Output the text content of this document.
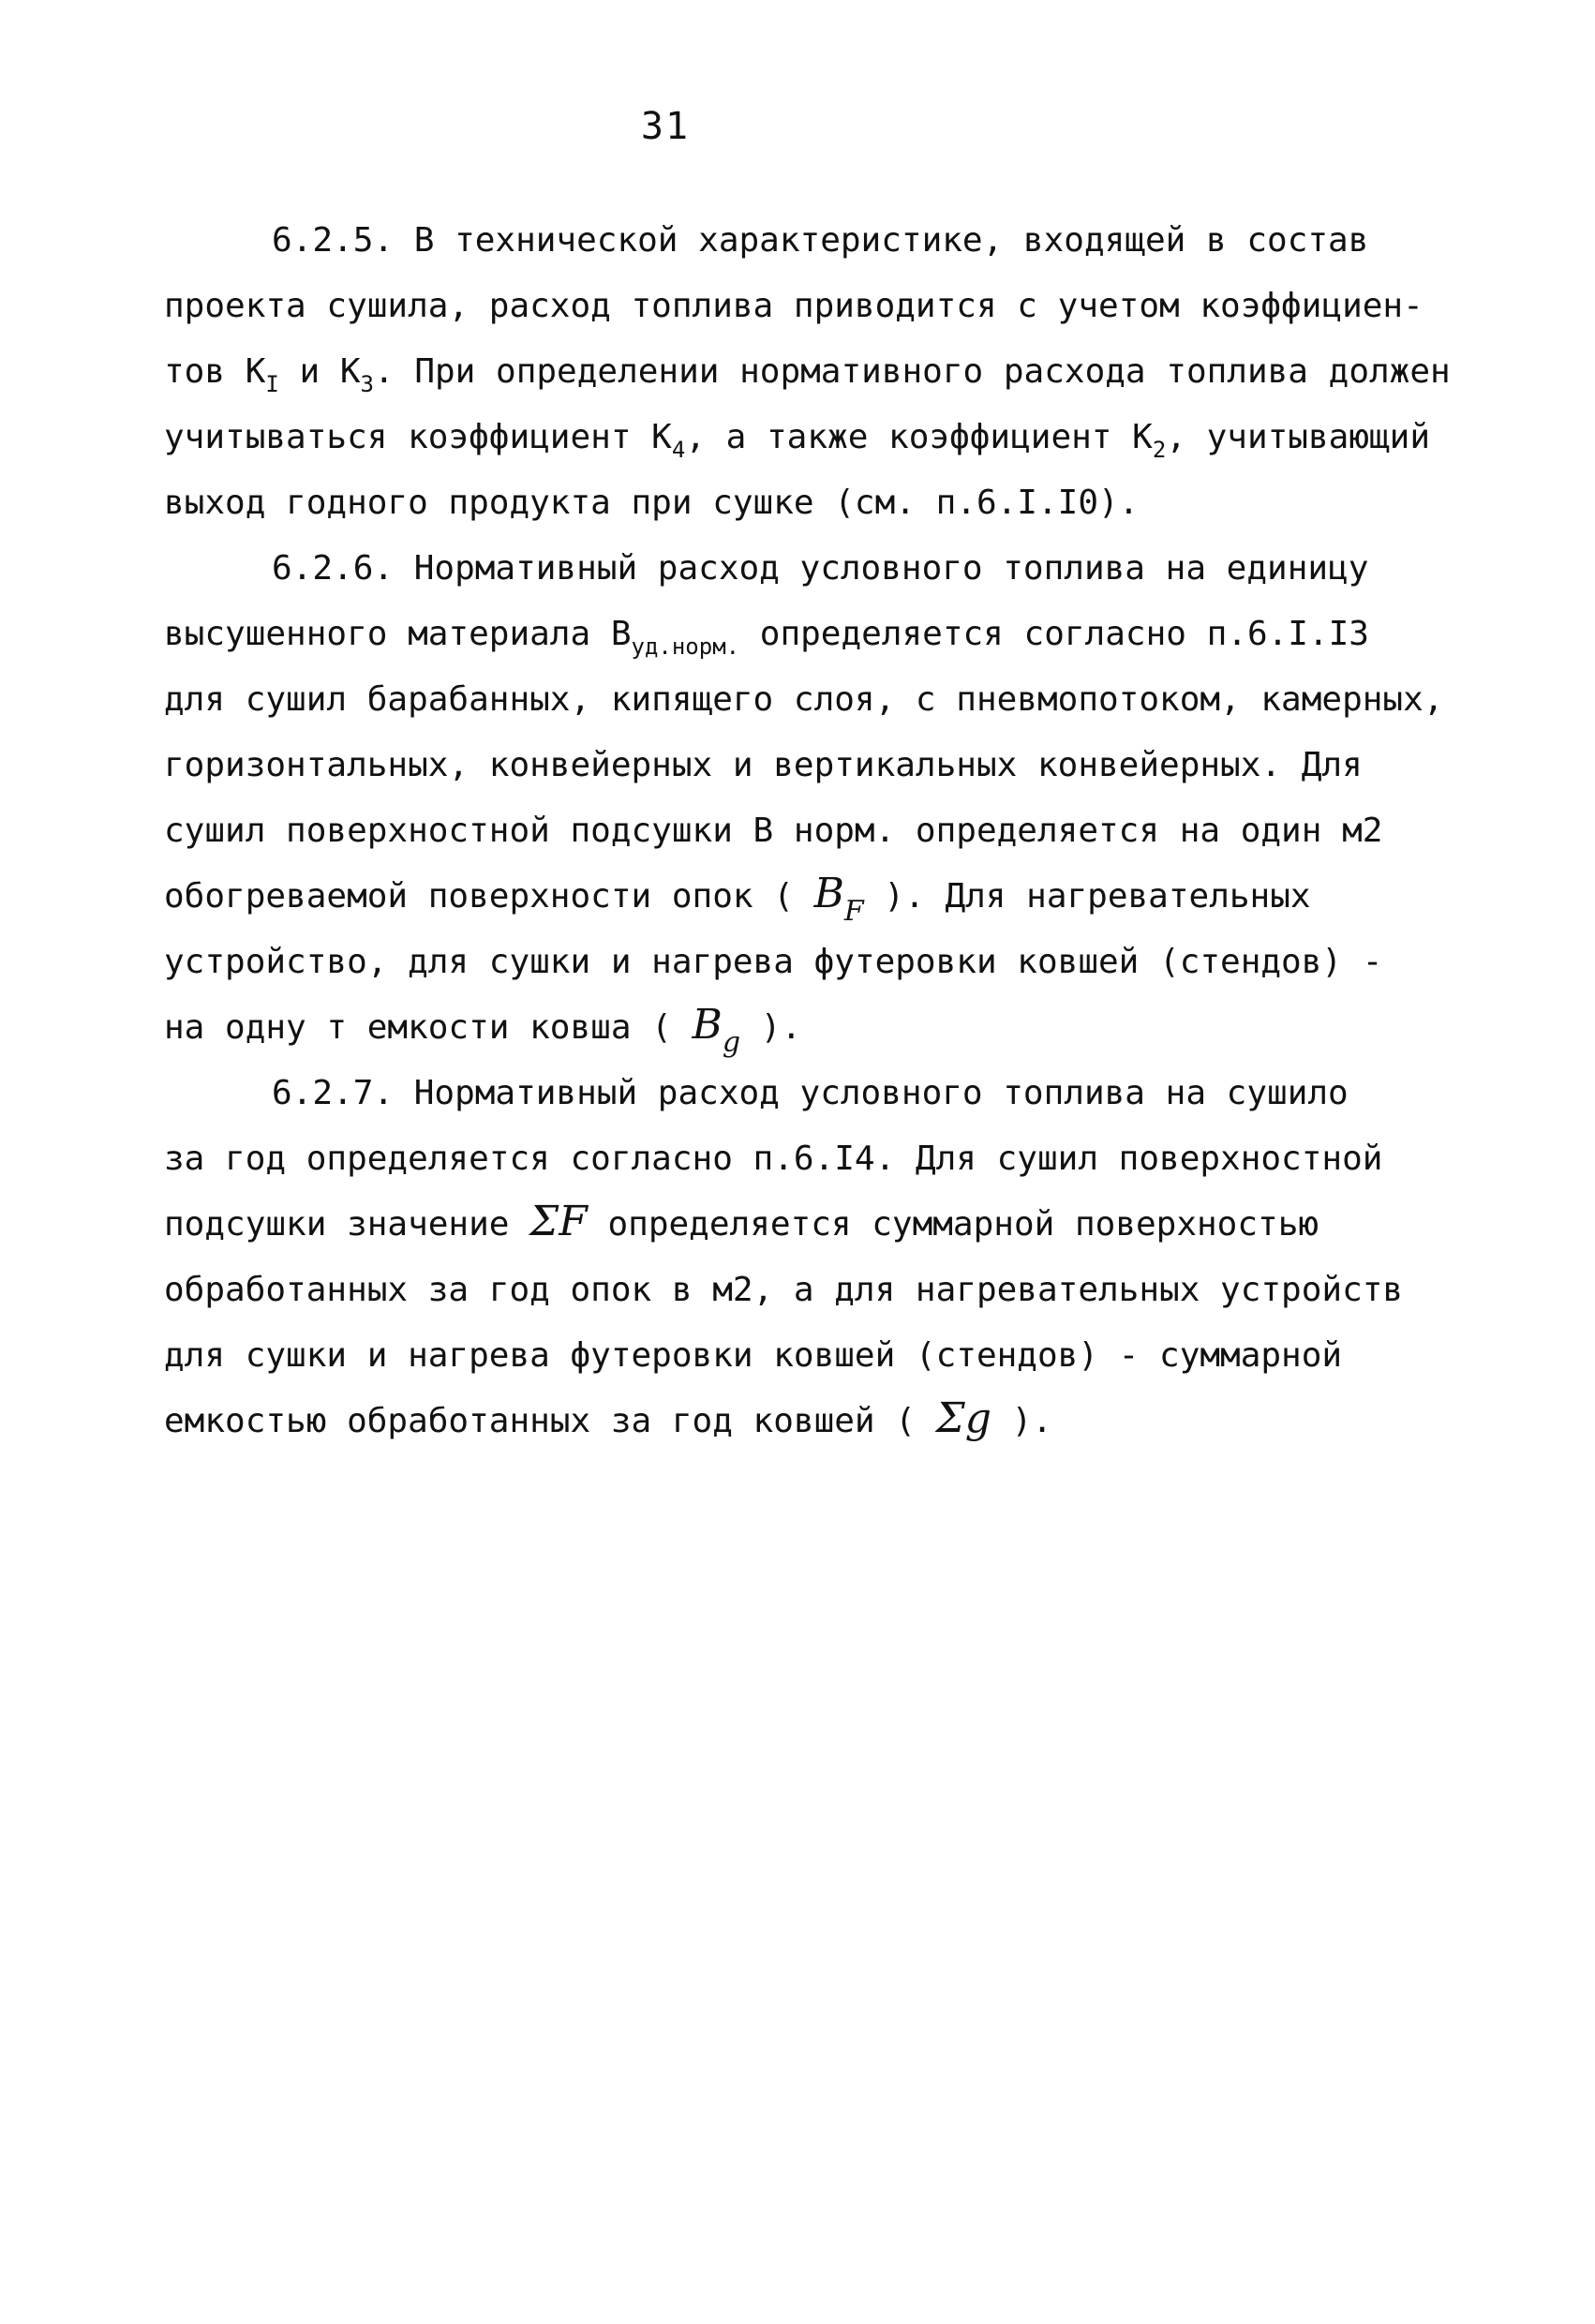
31
6.2.5. В технической характеристике, входящей в состав
проекта сушила, расход топлива приводится с учетом коэффициен-
тов $K_I$ и $K_3$. При определении нормативного расхода топлива должен
учитываться коэффициент $K_4$, а также коэффициент $K_2$, учитывающий
выход годного продукта при сушке (см. п.6.I.I0).
6.2.6. Нормативный расход условного топлива на единицу
высушенного материала $B_{уд.норм.}$ определяется согласно п.6.I.I3
для сушил барабанных, кипящего слоя, с пневмопотоком, камерных,
горизонтальных, конвейерных и вертикальных конвейерных. Для
сушил поверхностной подсушки B норм. определяется на один м2
обогреваемой поверхности опок ( $B_F$ ). Для нагревательных
устройство, для сушки и нагрева футеровки ковшей (стендов) -
на одну т емкости ковша ( $B_g$ ).
6.2.7. Нормативный расход условного топлива на сушило
за год определяется согласно п.6.I4. Для сушил поверхностной
подсушки значение ΣF определяется суммарной поверхностью
обработанных за год опок в м2, а для нагревательных устройств
для сушки и нагрева футеровки ковшей (стендов) - суммарной
емкостью обработанных за год ковшей ( Σg ).
